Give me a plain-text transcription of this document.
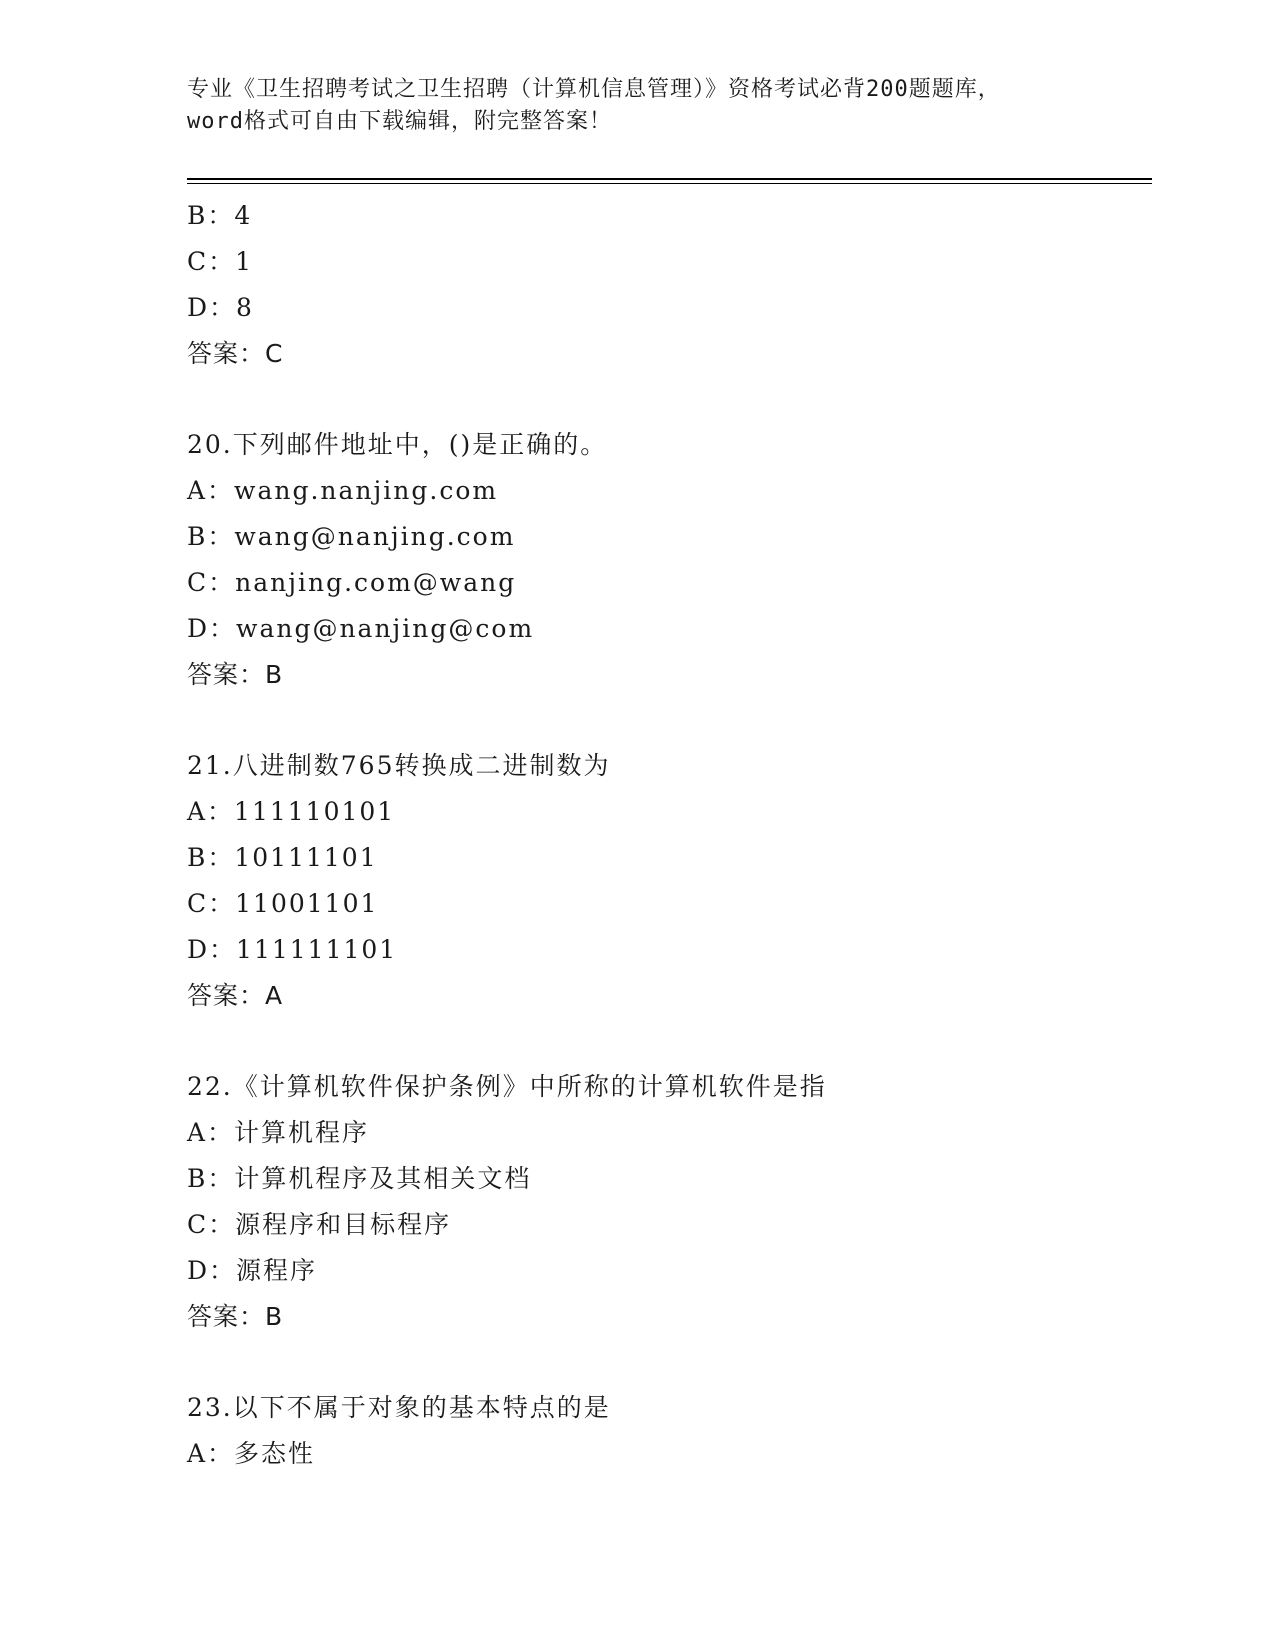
专业《卫生招聘考试之卫生招聘（计算机信息管理）》资格考试必背200题题库，
word格式可自由下载编辑，附完整答案！
B：4
C：1
D：8
答案：C
20.下列邮件地址中，()是正确的。
A：wang.nanjing.com
B：wang@nanjing.com
C：nanjing.com@wang
D：wang@nanjing@com
答案：B
21.八进制数765转换成二进制数为
A：111110101
B：10111101
C：11001101
D：111111101
答案：A
22.《计算机软件保护条例》中所称的计算机软件是指
A：计算机程序
B：计算机程序及其相关文档
C：源程序和目标程序
D：源程序
答案：B
23.以下不属于对象的基本特点的是
A：多态性
